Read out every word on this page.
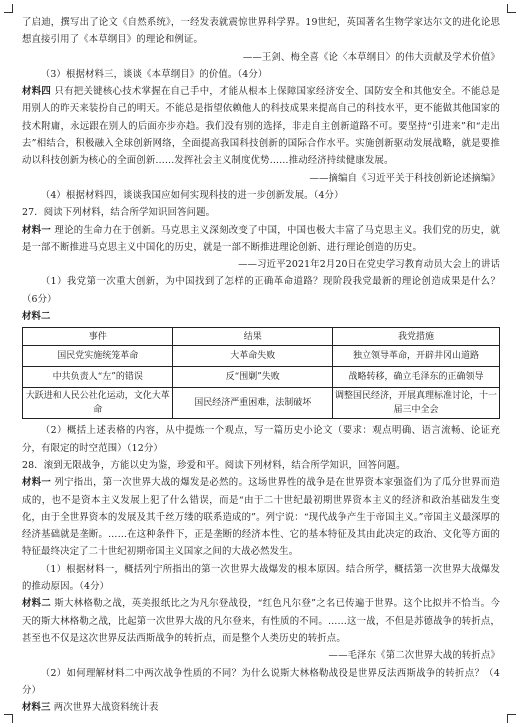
了启迪，撰写出了论文《自然系统》，一经发表就震惊世界科学界。19世纪，英国著名生物学家达尔文的进化论思想直接引用了《本草纲目》的理论和例证。

——王剑、梅全喜《论〈本草纲目〉的伟大贡献及学术价值》

（3）根据材料三，谈谈《本草纲目》的价值。（4分）

材料四 只有把关键核心技术掌握在自己手中，才能从根本上保障国家经济安全、国防安全和其他安全。不能总是用别人的昨天来装扮自己的明天。不能总是指望依赖他人的科技成果来提高自己的科技水平，更不能做其他国家的技术附庸，永远跟在别人的后面亦步亦趋。我们没有别的选择，非走自主创新道路不可。要坚持“引进来”和“走出去”相结合，积极融入全球创新网络，全面提高我国科技创新的国际合作水平。实施创新驱动发展战略，就是要推动以科技创新为核心的全面创新……发挥社会主义制度优势……推动经济持续健康发展。

——摘编自《习近平关于科技创新论述摘编》

（4）根据材料四，谈谈我国应如何实现科技的进一步创新发展。（4分）

27．阅读下列材料，结合所学知识回答问题。

材料一 理论的生命力在于创新。马克思主义深刻改变了中国，中国也极大丰富了马克思主义。我们党的历史，就是一部不断推进马克思主义中国化的历史，就是一部不断推进理论创新、进行理论创造的历史。

——习近平2021年2月20日在党史学习教育动员大会上的讲话

（1）我党第一次重大创新，为中国找到了怎样的正确革命道路？现阶段我党最新的理论创造成果是什么？（6分）

材料二

事件	结果	我党措施
国民党实施统笼革命	大革命失败	独立领导革命，开辟井冈山道路
中共负责人“左”的错误	反“围剿”失败	战略转移，确立毛泽东的正确领导
大跃进和人民公社化运动，文化大革命	国民经济严重困难，法制破坏	调整国民经济，开展真理标准讨论，十一届三中全会

（2）概括上述表格的内容，从中提炼一个观点，写一篇历史小论文（要求：观点明确、语言流畅、论证充分，有限定的时空范围）（12分）

28．滚到无限战争，方能以史为鉴，珍爱和平。阅读下列材料，结合所学知识，回答问题。

材料一 列宁指出，第一次世界大战的爆发是必然的。这场世界性的战争是在世界资本家强盗们为了瓜分世界而造成的，也不是资本主义发展上犯了什么错误，而是“由于二十世纪最初期世界资本主义的经济和政治基础发生变化，由于全世界资本的发展及其千丝万缕的联系造成的”。列宁说：“现代战争产生于帝国主义。”帝国主义最深厚的经济基础就是垄断。……在这种条件下，正是垄断的经济本性、它的基本特征及其由此决定的政治、文化等方面的特征最终决定了二十世纪初期帝国主义国家之间的大战必然发生。

（1）根据材料一，概括列宁所指出的第一次世界大战爆发的根本原因。结合所学，概括第一次世界大战爆发的推动原因。（4分）

材料二 斯大林格勒之战，英美报纸比之为凡尔登战役，“红色凡尔登”之名已传遍于世界。这个比拟并不恰当。今天的斯大林格勒之战，比起第一次世界大战的凡尔登来，有性质的不同。……这一战，不但是苏德战争的转折点，甚至也不仅是这次世界反法西斯战争的转折点，而是整个人类历史的转折点。

——毛泽东《第二次世界大战的转折点》

（2）如何理解材料二中两次战争性质的不同？为什么说斯大林格勒战役是世界反法西斯战争的转折点？（4分）

材料三 两次世界大战资料统计表
